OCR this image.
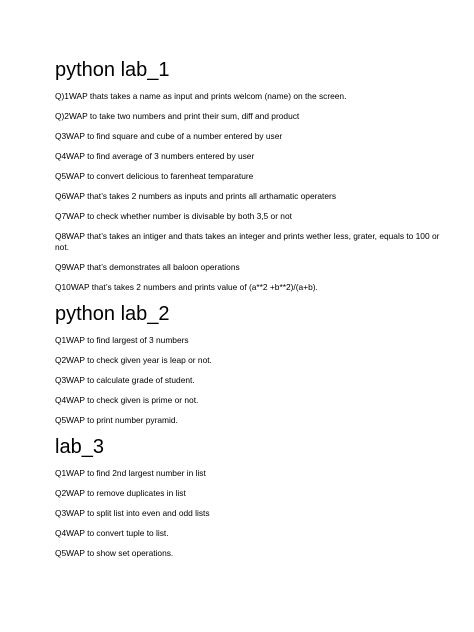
python lab_1

Q)1WAP thats takes a name as input and prints welcom (name) on the screen.

Q)2WAP to take two numbers and print their sum, diff and product

Q3WAP to find square and cube of a number entered by user

Q4WAP to find average of 3 numbers entered by user

Q5WAP to convert delicious to farenheat temparature

Q6WAP that’s takes 2 numbers as inputs and prints all arthamatic operaters

Q7WAP to check whether number is divisable by both 3,5 or not

Q8WAP that’s takes an intiger and thats takes an integer and prints wether less, grater, equals to 100 or not.

Q9WAP that’s demonstrates all baloon operations

Q10WAP that’s takes 2 numbers and prints value of (a**2 +b**2)/(a+b).

python lab_2

Q1WAP to find largest of 3 numbers

Q2WAP to check given year is leap or not.

Q3WAP to calculate grade of student.

Q4WAP to check given is prime or not.

Q5WAP to print number pyramid.

lab_3

Q1WAP to find 2nd largest number in list

Q2WAP to remove duplicates in list

Q3WAP to split list into even and odd lists

Q4WAP to convert tuple to list.

Q5WAP to show set operations.
